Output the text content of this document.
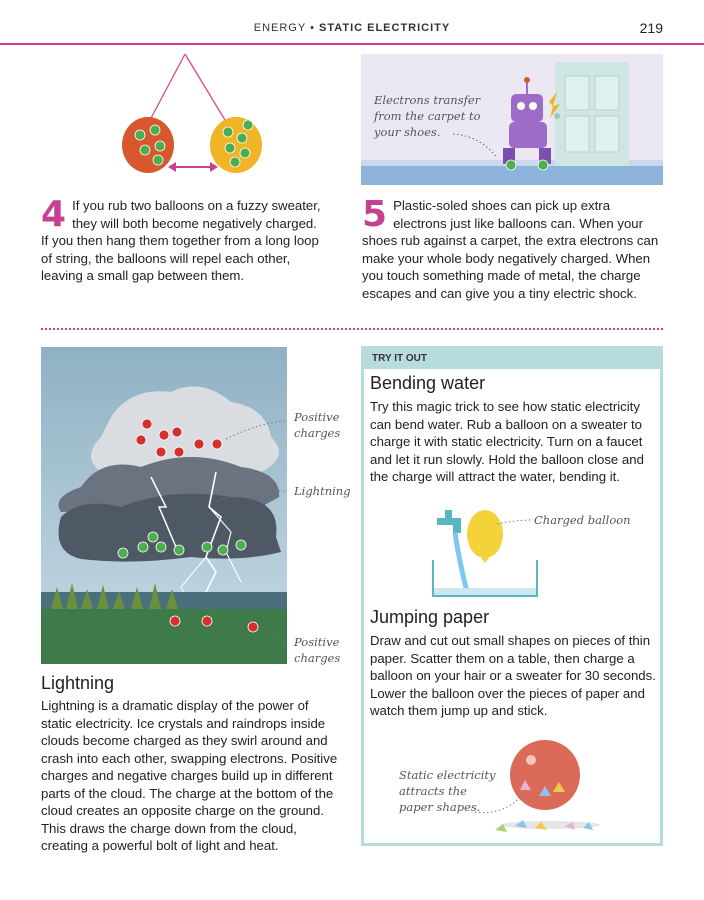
ENERGY • STATIC ELECTRICITY	219
4 If you rub two balloons on a fuzzy sweater, they will both become negatively charged. If you then hang them together from a long loop of string, the balloons will repel each other, leaving a small gap between them.
Electrons transfer from the carpet to your shoes.
5 Plastic-soled shoes can pick up extra electrons just like balloons can. When your shoes rub against a carpet, the extra electrons can make your whole body negatively charged. When you touch something made of metal, the charge escapes and can give you a tiny electric shock.
Positive charges
Lightning
Positive charges
Lightning
Lightning is a dramatic display of the power of static electricity. Ice crystals and raindrops inside clouds become charged as they swirl around and crash into each other, swapping electrons. Positive charges and negative charges build up in different parts of the cloud. The charge at the bottom of the cloud creates an opposite charge on the ground. This draws the charge down from the cloud, creating a powerful bolt of light and heat.
TRY IT OUT
Bending water
Try this magic trick to see how static electricity can bend water. Rub a balloon on a sweater to charge it with static electricity. Turn on a faucet and let it run slowly. Hold the balloon close and the charge will attract the water, bending it.
Charged balloon
Jumping paper
Draw and cut out small shapes on pieces of thin paper. Scatter them on a table, then charge a balloon on your hair or a sweater for 30 seconds. Lower the balloon over the pieces of paper and watch them jump up and stick.
Static electricity attracts the paper shapes.
